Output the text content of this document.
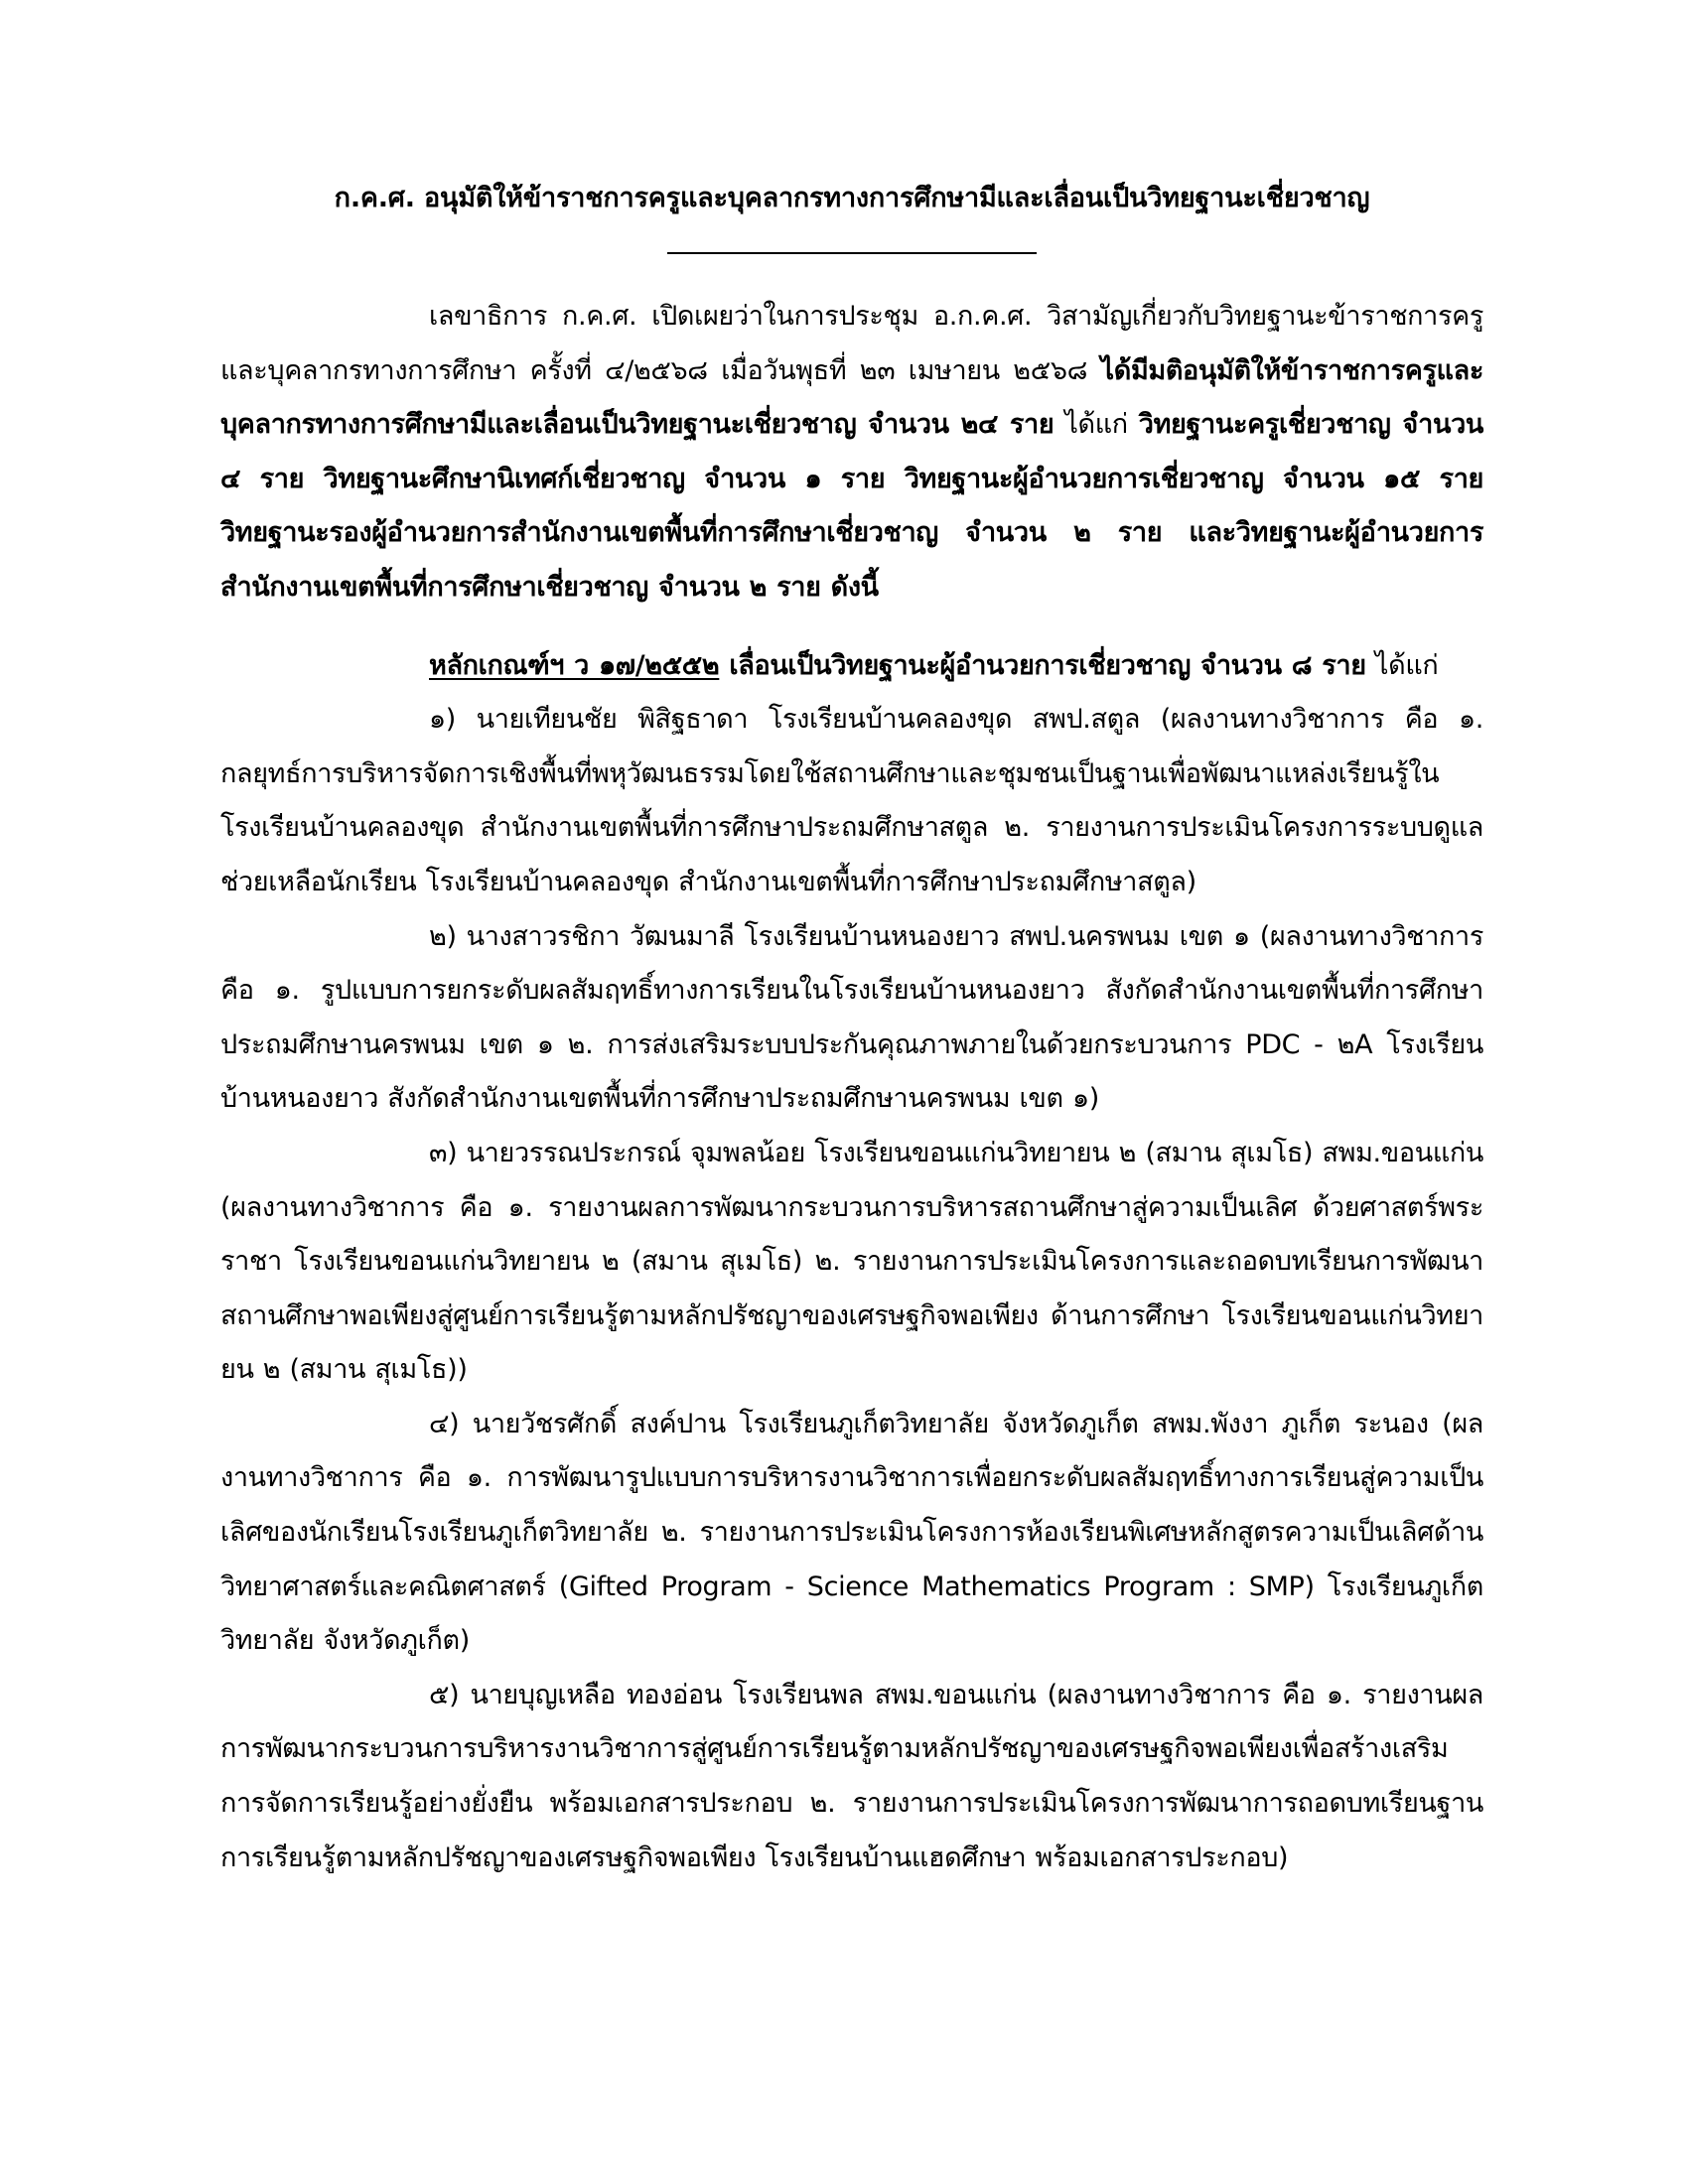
ก.ค.ศ. อนุมัติให้ข้าราชการครูและบุคลากรทางการศึกษามีและเลื่อนเป็นวิทยฐานะเชี่ยวชาญ

เลขาธิการ ก.ค.ศ. เปิดเผยว่าในการประชุม อ.ก.ค.ศ. วิสามัญเกี่ยวกับวิทยฐานะข้าราชการครูและบุคลากรทางการศึกษา ครั้งที่ ๔/๒๕๖๘ เมื่อวันพุธที่ ๒๓ เมษายน ๒๕๖๘ ได้มีมติอนุมัติให้ข้าราชการครูและบุคลากรทางการศึกษามีและเลื่อนเป็นวิทยฐานะเชี่ยวชาญ จำนวน ๒๔ ราย ได้แก่ วิทยฐานะครูเชี่ยวชาญ จำนวน ๔ ราย วิทยฐานะศึกษานิเทศก์เชี่ยวชาญ จำนวน ๑ ราย วิทยฐานะผู้อำนวยการเชี่ยวชาญ จำนวน ๑๕ ราย วิทยฐานะรองผู้อำนวยการสำนักงานเขตพื้นที่การศึกษาเชี่ยวชาญ จำนวน ๒ ราย และวิทยฐานะผู้อำนวยการสำนักงานเขตพื้นที่การศึกษาเชี่ยวชาญ จำนวน ๒ ราย ดังนี้

หลักเกณฑ์ฯ ว ๑๗/๒๕๕๒ เลื่อนเป็นวิทยฐานะผู้อำนวยการเชี่ยวชาญ จำนวน ๘ ราย ได้แก่

๑) นายเทียนชัย พิสิฐธาดา โรงเรียนบ้านคลองขุด สพป.สตูล (ผลงานทางวิชาการ คือ ๑. กลยุทธ์การบริหารจัดการเชิงพื้นที่พหุวัฒนธรรมโดยใช้สถานศึกษาและชุมชนเป็นฐานเพื่อพัฒนาแหล่งเรียนรู้ในโรงเรียนบ้านคลองขุด สำนักงานเขตพื้นที่การศึกษาประถมศึกษาสตูล ๒. รายงานการประเมินโครงการระบบดูแลช่วยเหลือนักเรียน โรงเรียนบ้านคลองขุด สำนักงานเขตพื้นที่การศึกษาประถมศึกษาสตูล)

๒) นางสาวรชิกา วัฒนมาลี โรงเรียนบ้านหนองยาว สพป.นครพนม เขต ๑ (ผลงานทางวิชาการ คือ ๑. รูปแบบการยกระดับผลสัมฤทธิ์ทางการเรียนในโรงเรียนบ้านหนองยาว สังกัดสำนักงานเขตพื้นที่การศึกษาประถมศึกษานครพนม เขต ๑ ๒. การส่งเสริมระบบประกันคุณภาพภายในด้วยกระบวนการ PDC - ๒A โรงเรียนบ้านหนองยาว สังกัดสำนักงานเขตพื้นที่การศึกษาประถมศึกษานครพนม เขต ๑)

๓) นายวรรณประกรณ์ จุมพลน้อย โรงเรียนขอนแก่นวิทยายน ๒ (สมาน สุเมโธ) สพม.ขอนแก่น (ผลงานทางวิชาการ คือ ๑. รายงานผลการพัฒนากระบวนการบริหารสถานศึกษาสู่ความเป็นเลิศ ด้วยศาสตร์พระราชา โรงเรียนขอนแก่นวิทยายน ๒ (สมาน สุเมโธ) ๒. รายงานการประเมินโครงการและถอดบทเรียนการพัฒนาสถานศึกษาพอเพียงสู่ศูนย์การเรียนรู้ตามหลักปรัชญาของเศรษฐกิจพอเพียง ด้านการศึกษา โรงเรียนขอนแก่นวิทยายน ๒ (สมาน สุเมโธ))

๔) นายวัชรศักดิ์ สงค์ปาน โรงเรียนภูเก็ตวิทยาลัย จังหวัดภูเก็ต สพม.พังงา ภูเก็ต ระนอง (ผลงานทางวิชาการ คือ ๑. การพัฒนารูปแบบการบริหารงานวิชาการเพื่อยกระดับผลสัมฤทธิ์ทางการเรียนสู่ความเป็นเลิศของนักเรียนโรงเรียนภูเก็ตวิทยาลัย ๒. รายงานการประเมินโครงการห้องเรียนพิเศษหลักสูตรความเป็นเลิศด้านวิทยาศาสตร์และคณิตศาสตร์ (Gifted Program - Science Mathematics Program : SMP) โรงเรียนภูเก็ตวิทยาลัย จังหวัดภูเก็ต)

๕) นายบุญเหลือ ทองอ่อน โรงเรียนพล สพม.ขอนแก่น (ผลงานทางวิชาการ คือ ๑. รายงานผลการพัฒนากระบวนการบริหารงานวิชาการสู่ศูนย์การเรียนรู้ตามหลักปรัชญาของเศรษฐกิจพอเพียงเพื่อสร้างเสริมการจัดการเรียนรู้อย่างยั่งยืน พร้อมเอกสารประกอบ ๒. รายงานการประเมินโครงการพัฒนาการถอดบทเรียนฐานการเรียนรู้ตามหลักปรัชญาของเศรษฐกิจพอเพียง โรงเรียนบ้านแฮดศึกษา พร้อมเอกสารประกอบ)
